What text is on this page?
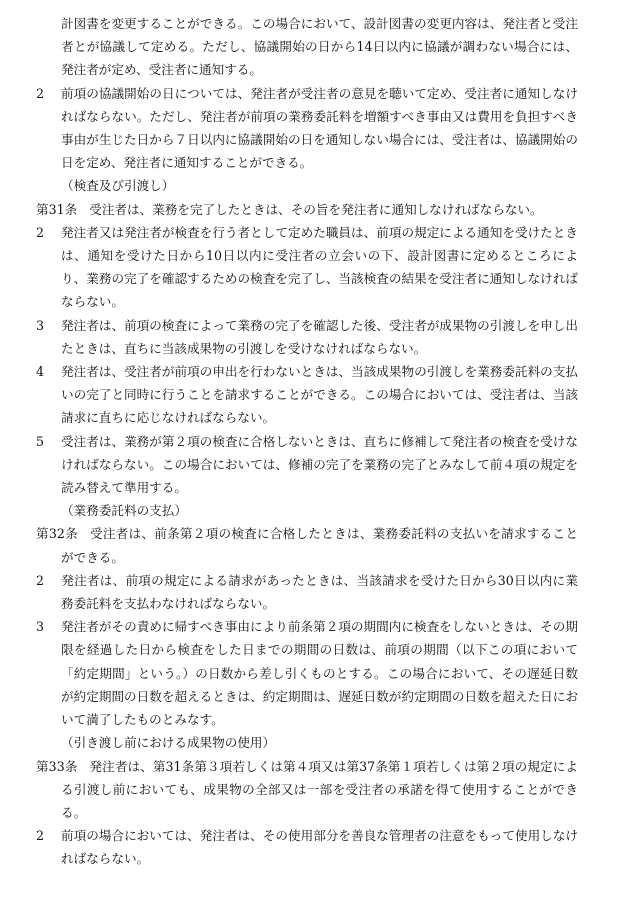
計図書を変更することができる。この場合において、設計図書の変更内容は、発注者と受注者とが協議して定める。ただし、協議開始の日から14日以内に協議が調わない場合には、発注者が定め、受注者に通知する。

2 前項の協議開始の日については、発注者が受注者の意見を聴いて定め、受注者に通知しなければならない。ただし、発注者が前項の業務委託料を増額すべき事由又は費用を負担すべき事由が生じた日から７日以内に協議開始の日を通知しない場合には、受注者は、協議開始の日を定め、発注者に通知することができる。

（検査及び引渡し）

第31条 受注者は、業務を完了したときは、その旨を発注者に通知しなければならない。

2 発注者又は発注者が検査を行う者として定めた職員は、前項の規定による通知を受けたときは、通知を受けた日から10日以内に受注者の立会いの下、設計図書に定めるところにより、業務の完了を確認するための検査を完了し、当該検査の結果を受注者に通知しなければならない。

3 発注者は、前項の検査によって業務の完了を確認した後、受注者が成果物の引渡しを申し出たときは、直ちに当該成果物の引渡しを受けなければならない。

4 発注者は、受注者が前項の申出を行わないときは、当該成果物の引渡しを業務委託料の支払いの完了と同時に行うことを請求することができる。この場合においては、受注者は、当該請求に直ちに応じなければならない。

5 受注者は、業務が第２項の検査に合格しないときは、直ちに修補して発注者の検査を受けなければならない。この場合においては、修補の完了を業務の完了とみなして前４項の規定を読み替えて準用する。

（業務委託料の支払）

第32条 受注者は、前条第２項の検査に合格したときは、業務委託料の支払いを請求することができる。

2 発注者は、前項の規定による請求があったときは、当該請求を受けた日から30日以内に業務委託料を支払わなければならない。

3 発注者がその責めに帰すべき事由により前条第２項の期間内に検査をしないときは、その期限を経過した日から検査をした日までの期間の日数は、前項の期間（以下この項において「約定期間」という。）の日数から差し引くものとする。この場合において、その遅延日数が約定期間の日数を超えるときは、約定期間は、遅延日数が約定期間の日数を超えた日において満了したものとみなす。

（引き渡し前における成果物の使用）

第33条 発注者は、第31条第３項若しくは第４項又は第37条第１項若しくは第２項の規定による引渡し前においても、成果物の全部又は一部を受注者の承諾を得て使用することができる。

2 前項の場合においては、発注者は、その使用部分を善良な管理者の注意をもって使用しなければならない。
